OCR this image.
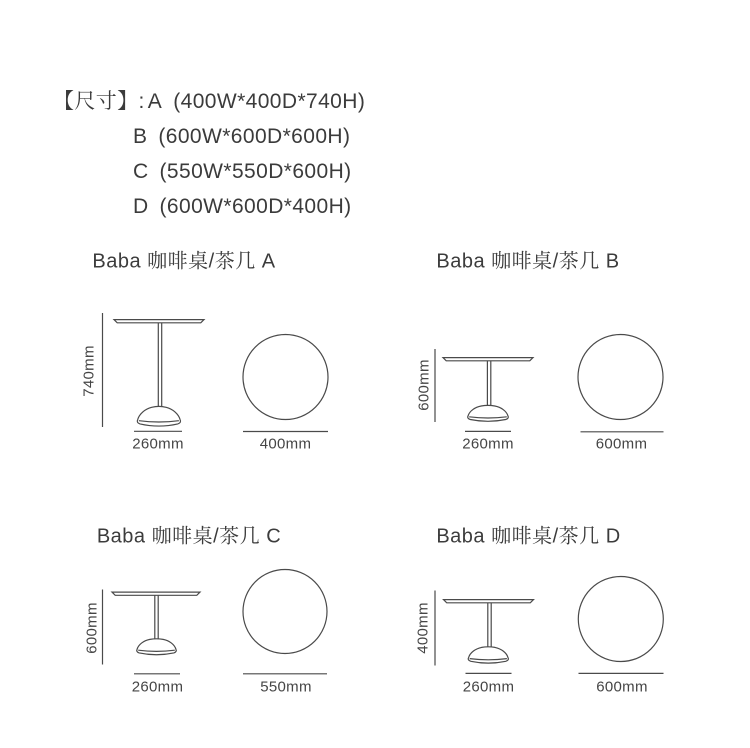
【尺寸】: A (400W*400D*740H)

B (600W*600D*600H)

C (550W*550D*600H)

D (600W*600D*400H)

Baba 咖啡桌/茶几 A
740mm
260mm	400mm
Baba 咖啡桌/茶几 B
600mm
260mm	600mm
Baba 咖啡桌/茶几 C
600mm
260mm	550mm
Baba 咖啡桌/茶几 D
400mm
260mm	600mm
